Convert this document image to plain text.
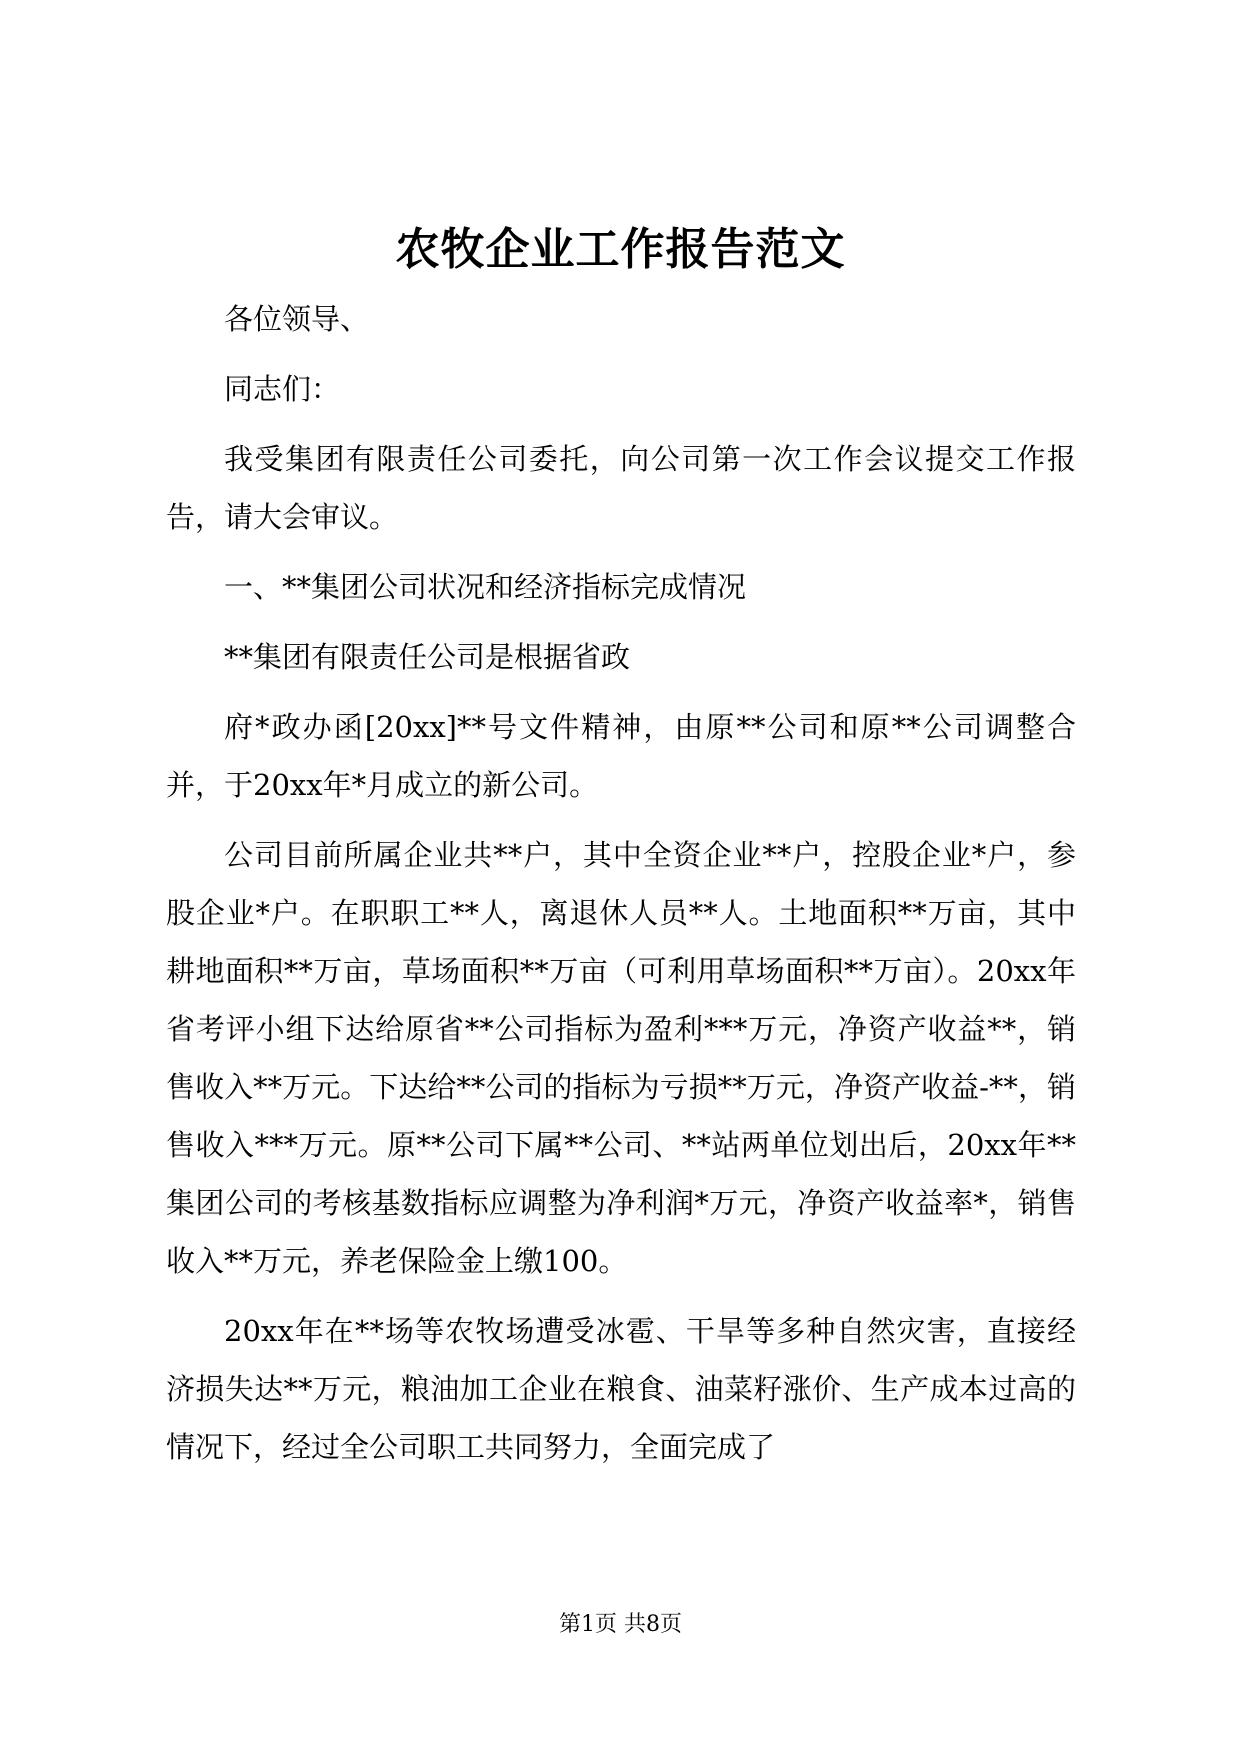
农牧企业工作报告范文

各位领导、

同志们：

我受集团有限责任公司委托，向公司第一次工作会议提交工作报告，请大会审议。

一、**集团公司状况和经济指标完成情况

**集团有限责任公司是根据省政

府*政办函[20xx]**号文件精神，由原**公司和原**公司调整合并，于20xx年*月成立的新公司。

公司目前所属企业共**户，其中全资企业**户，控股企业*户，参股企业*户。在职职工**人，离退休人员**人。土地面积**万亩，其中耕地面积**万亩，草场面积**万亩（可利用草场面积**万亩）。20xx年省考评小组下达给原省**公司指标为盈利***万元，净资产收益**，销售收入**万元。下达给**公司的指标为亏损**万元，净资产收益-**，销售收入***万元。原**公司下属**公司、**站两单位划出后，20xx年**集团公司的考核基数指标应调整为净利润*万元，净资产收益率*，销售收入**万元，养老保险金上缴100。

20xx年在**场等农牧场遭受冰雹、干旱等多种自然灾害，直接经济损失达**万元，粮油加工企业在粮食、油菜籽涨价、生产成本过高的情况下，经过全公司职工共同努力，全面完成了

第1页 共8页
